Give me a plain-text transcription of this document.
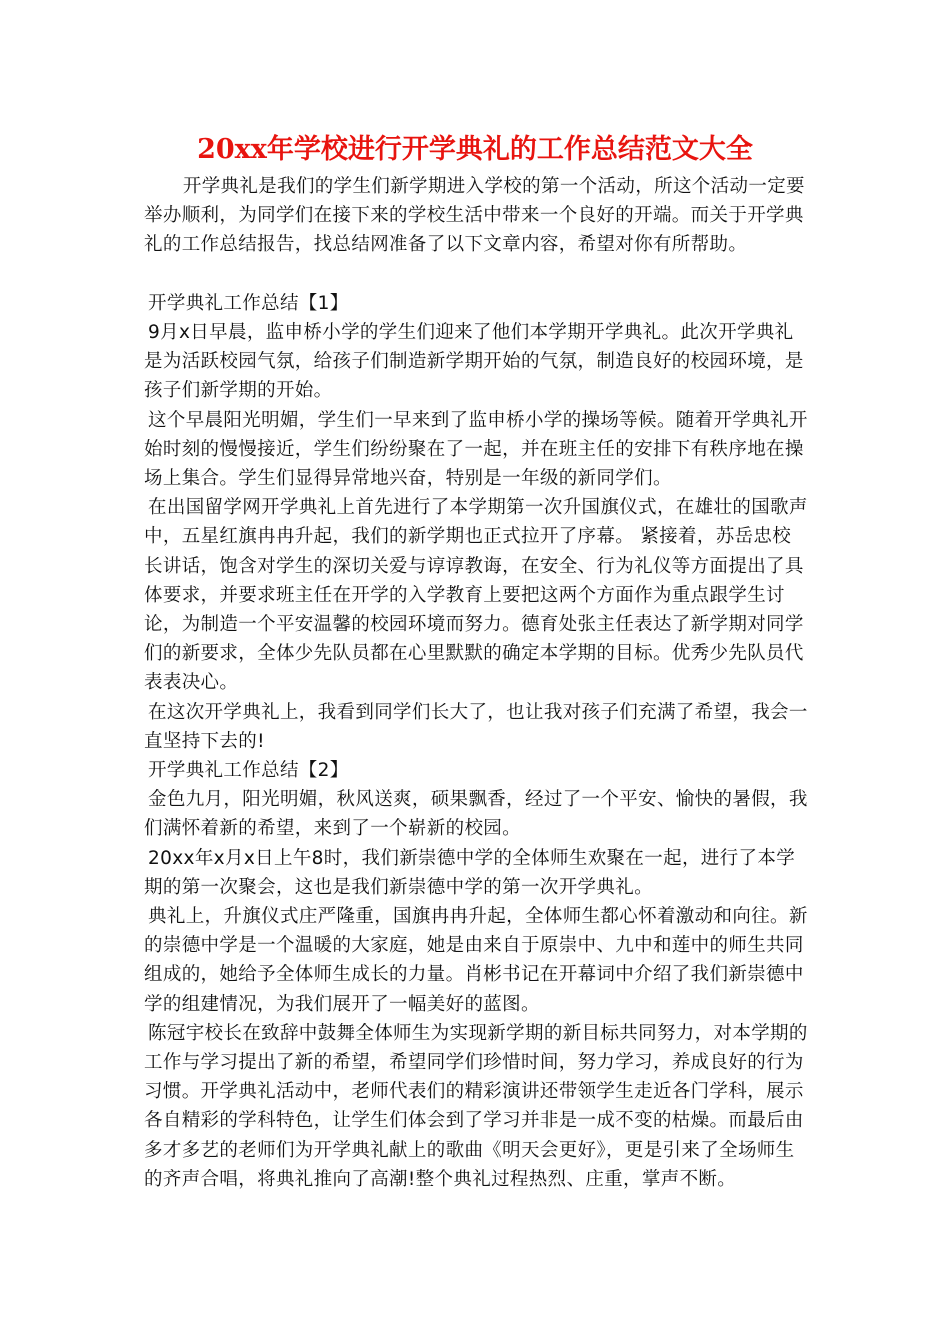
20xx年学校进行开学典礼的工作总结范文大全

开学典礼是我们的学生们新学期进入学校的第一个活动，所这个活动一定要举办顺利，为同学们在接下来的学校生活中带来一个良好的开端。而关于开学典礼的工作总结报告，找总结网准备了以下文章内容，希望对你有所帮助。

开学典礼工作总结【1】

9月x日早晨，监申桥小学的学生们迎来了他们本学期开学典礼。此次开学典礼是为活跃校园气氛，给孩子们制造新学期开始的气氛，制造良好的校园环境，是孩子们新学期的开始。

这个早晨阳光明媚，学生们一早来到了监申桥小学的操场等候。随着开学典礼开始时刻的慢慢接近，学生们纷纷聚在了一起，并在班主任的安排下有秩序地在操场上集合。学生们显得异常地兴奋，特别是一年级的新同学们。

在出国留学网开学典礼上首先进行了本学期第一次升国旗仪式，在雄壮的国歌声中，五星红旗冉冉升起，我们的新学期也正式拉开了序幕。 紧接着，苏岳忠校长讲话，饱含对学生的深切关爱与谆谆教诲，在安全、行为礼仪等方面提出了具体要求，并要求班主任在开学的入学教育上要把这两个方面作为重点跟学生讨论，为制造一个平安温馨的校园环境而努力。德育处张主任表达了新学期对同学们的新要求，全体少先队员都在心里默默的确定本学期的目标。优秀少先队员代表表决心。

在这次开学典礼上，我看到同学们长大了，也让我对孩子们充满了希望，我会一直坚持下去的!

开学典礼工作总结【2】

金色九月，阳光明媚，秋风送爽，硕果飘香，经过了一个平安、愉快的暑假，我们满怀着新的希望，来到了一个崭新的校园。

20xx年x月x日上午8时，我们新崇德中学的全体师生欢聚在一起，进行了本学期的第一次聚会，这也是我们新崇德中学的第一次开学典礼。

典礼上，升旗仪式庄严隆重，国旗冉冉升起，全体师生都心怀着激动和向往。新的崇德中学是一个温暖的大家庭，她是由来自于原崇中、九中和莲中的师生共同组成的，她给予全体师生成长的力量。肖彬书记在开幕词中介绍了我们新崇德中学的组建情况，为我们展开了一幅美好的蓝图。

陈冠宇校长在致辞中鼓舞全体师生为实现新学期的新目标共同努力，对本学期的工作与学习提出了新的希望，希望同学们珍惜时间，努力学习，养成良好的行为习惯。开学典礼活动中，老师代表们的精彩演讲还带领学生走近各门学科，展示各自精彩的学科特色，让学生们体会到了学习并非是一成不变的枯燥。而最后由多才多艺的老师们为开学典礼献上的歌曲《明天会更好》，更是引来了全场师生的齐声合唱，将典礼推向了高潮!整个典礼过程热烈、庄重，掌声不断。
